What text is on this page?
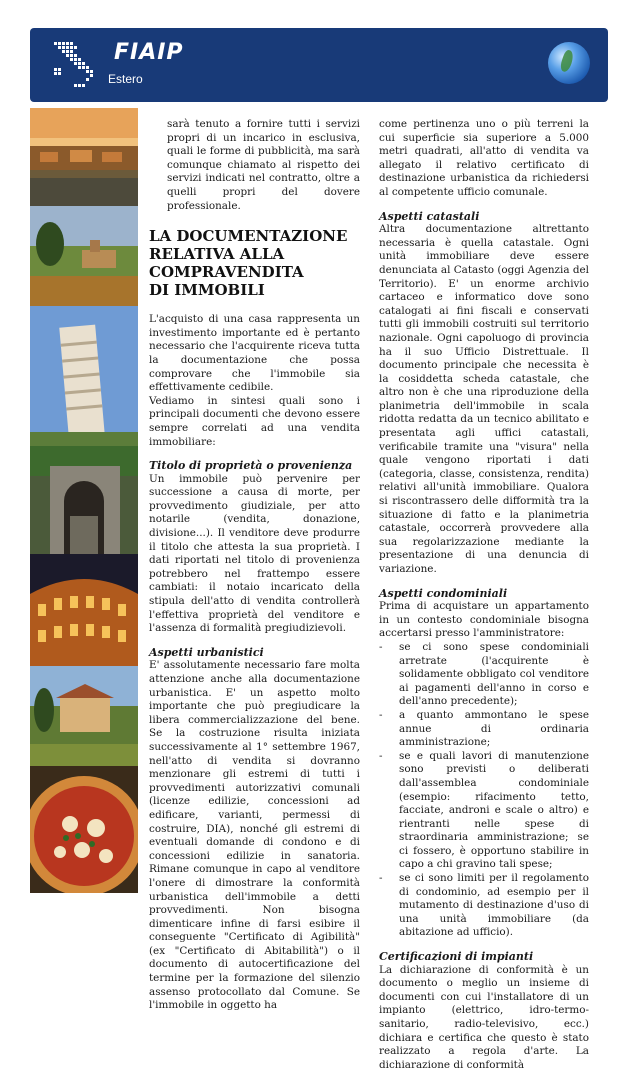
FIAIP
Estero

sarà tenuto a fornire tutti i servizi propri di un incarico in esclusiva, quali le forme di pubblicità, ma sarà comunque chiamato al rispetto dei servizi indicati nel contratto, oltre a quelli propri del dovere professionale.

LA DOCUMENTAZIONE
RELATIVA ALLA
COMPRAVENDITA
DI IMMOBILI

L'acquisto di una casa rappresenta un investimento importante ed è pertanto necessario che l'acquirente riceva tutta la documentazione che possa comprovare che l'immobile sia effettivamente cedibile.

Vediamo in sintesi quali sono i principali documenti che devono essere sempre correlati ad una vendita immobiliare:

Titolo di proprietà o provenienza

Un immobile può pervenire per successione a causa di morte, per provvedimento giudiziale, per atto notarile (vendita, donazione, divisione...). Il venditore deve produrre il titolo che attesta la sua proprietà. I dati riportati nel titolo di provenienza potrebbero nel frattempo essere cambiati: il notaio incaricato della stipula dell'atto di vendita controllerà l'effettiva proprietà del venditore e l'assenza di formalità pregiudizievoli.

Aspetti urbanistici

E' assolutamente necessario fare molta attenzione anche alla documentazione urbanistica. E' un aspetto molto importante che può pregiudicare la libera commercializzazione del bene. Se la costruzione risulta iniziata successivamente al 1° settembre 1967, nell'atto di vendita si dovranno menzionare gli estremi di tutti i provvedimenti autorizzativi comunali (licenze edilizie, concessioni ad edificare, varianti, permessi di costruire, DIA), nonché gli estremi di eventuali domande di condono e di concessioni edilizie in sanatoria. Rimane comunque in capo al venditore l'onere di dimostrare la conformità urbanistica dell'immobile a detti provvedimenti. Non bisogna dimenticare infine di farsi esibire il conseguente "Certificato di Agibilità" (ex "Certificato di Abitabilità") o il documento di autocertificazione del termine per la formazione del silenzio assenso protocollato dal Comune. Se l'immobile in oggetto ha

come pertinenza uno o più terreni la cui superficie sia superiore a 5.000 metri quadrati, all'atto di vendita va allegato il relativo certificato di destinazione urbanistica da richiedersi al competente ufficio comunale.

Aspetti catastali

Altra documentazione altrettanto necessaria è quella catastale. Ogni unità immobiliare deve essere denunciata al Catasto (oggi Agenzia del Territorio). E' un enorme archivio cartaceo e informatico dove sono catalogati ai fini fiscali e conservati tutti gli immobili costruiti sul territorio nazionale. Ogni capoluogo di provincia ha il suo Ufficio Distrettuale. Il documento principale che necessita è la cosiddetta scheda catastale, che altro non è che una riproduzione della planimetria dell'immobile in scala ridotta redatta da un tecnico abilitato e presentata agli uffici catastali, verificabile tramite una "visura" nella quale vengono riportati i dati (categoria, classe, consistenza, rendita) relativi all'unità immobiliare. Qualora si riscontrassero delle difformità tra la situazione di fatto e la planimetria catastale, occorrerà provvedere alla sua regolarizzazione mediante la presentazione di una denuncia di variazione.

Aspetti condominiali

Prima di acquistare un appartamento in un contesto condominiale bisogna accertarsi presso l'amministratore:

- se ci sono spese condominiali arretrate (l'acquirente è solidamente obbligato col venditore ai pagamenti dell'anno in corso e dell'anno precedente);
- a quanto ammontano le spese annue di ordinaria amministrazione;
- se e quali lavori di manutenzione sono previsti o deliberati dall'assemblea condominiale (esempio: rifacimento tetto, facciate, androni e scale o altro) e rientranti nelle spese di straordinaria amministrazione; se ci fossero, è opportuno stabilire in capo a chi gravino tali spese;
- se ci sono limiti per il regolamento di condominio, ad esempio per il mutamento di destinazione d'uso di una unità immobiliare (da abitazione ad ufficio).
Certificazioni di impianti

La dichiarazione di conformità è un documento o meglio un insieme di documenti con cui l'installatore di un impianto (elettrico, idro-termo-sanitario, radio-televisivo, ecc.) dichiara e certifica che questo è stato realizzato a regola d'arte. La dichiarazione di conformità
